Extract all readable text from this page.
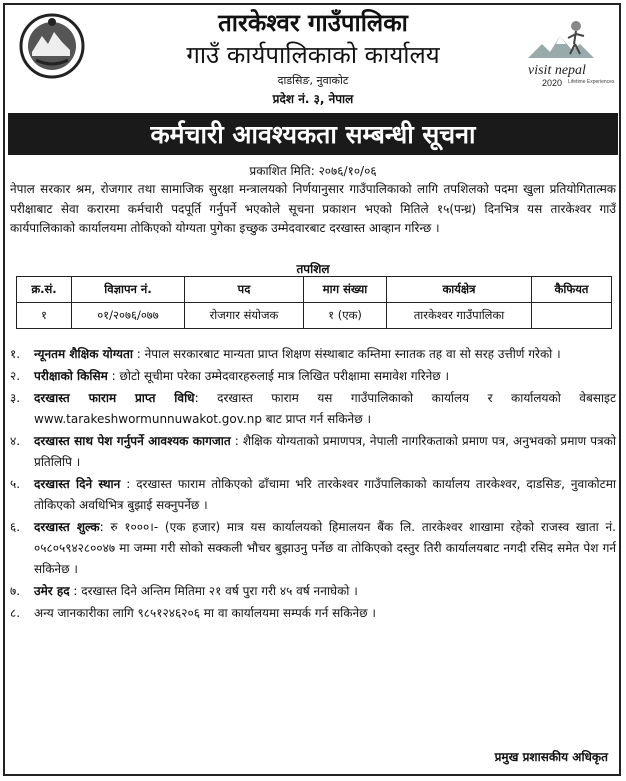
तारकेश्वर गाउँपालिका
गाउँ कार्यपालिकाको कार्यालय
दाडसिङ, नुवाकोट
प्रदेश नं. ३, नेपाल
visit nepal
2020 Lifetime Experiences
कर्मचारी आवश्यकता सम्बन्धी सूचना
प्रकाशित मिति: २०७६/१०/०६
नेपाल सरकार श्रम, रोजगार तथा सामाजिक सुरक्षा मन्त्रालयको निर्णयानुसार गाउँपालिकाको लागि तपशिलको पदमा खुला प्रतियोगितात्मक परीक्षाबाट सेवा करारमा कर्मचारी पदपूर्ति गर्नुपर्ने भएकोले सूचना प्रकाशन भएको मितिले १५(पन्ध्र) दिनभित्र यस तारकेश्वर गाउँ कार्यपालिकाको कार्यालयमा तोकिएको योग्यता पुगेका इच्छुक उम्मेदवारबाट दरखास्त आव्हान गरिन्छ ।
तपशिल
क्र.सं.	विज्ञापन नं.	पद	माग संख्या	कार्यक्षेत्र	कैफियत
१	०१/२०७६/०७७	रोजगार संयोजक	१ (एक)	तारकेश्वर गाउँपालिका	
१.	न्यूनतम शैक्षिक योग्यता : नेपाल सरकारबाट मान्यता प्राप्त शिक्षण संस्थाबाट कम्तिमा स्नातक तह वा सो सरह उत्तीर्ण गरेको ।
२.	परीक्षाको किसिम : छोटो सूचीमा परेका उम्मेदवारहरुलाई मात्र लिखित परीक्षामा समावेश गरिनेछ ।
३.	दरखास्त फाराम प्राप्त विधि: दरखास्त फाराम यस गाउँपालिकाको कार्यालय र कार्यालयको वेबसाइट www.tarakeshwormunnuwakot.gov.np बाट प्राप्त गर्न सकिनेछ ।
४.	दरखास्त साथ पेश गर्नुपर्ने आवश्यक कागजात : शैक्षिक योग्यताको प्रमाणपत्र, नेपाली नागरिकताको प्रमाण पत्र, अनुभवको प्रमाण पत्रको प्रतिलिपि ।
५.	दरखास्त दिने स्थान : दरखास्त फाराम तोकिएको ढाँचामा भरि तारकेश्वर गाउँपालिकाको कार्यालय तारकेश्वर, दाडसिङ, नुवाकोटमा तोकिएको अवधिभित्र बुझाई सक्नुपर्नेछ ।
६.	दरखास्त शुल्क: रु १०००।- (एक हजार) मात्र यस कार्यालयको हिमालयन बैंक लि. तारकेश्वर शाखामा रहेको राजस्व खाता नं. ०५८०५९४२८००४७ मा जम्मा गरी सोको सक्कली भौचर बुझाउनु पर्नेछ वा तोकिएको दस्तुर तिरी कार्यालयबाट नगदी रसिद समेत पेश गर्न सकिनेछ ।
७.	उमेर हद : दरखास्त दिने अन्तिम मितिमा २१ वर्ष पुरा गरी ४५ वर्ष ननाघेको ।
८.	अन्य जानकारीका लागि ९८५१२४६२०६ मा वा कार्यालयमा सम्पर्क गर्न सकिनेछ ।
प्रमुख प्रशासकीय अधिकृत
